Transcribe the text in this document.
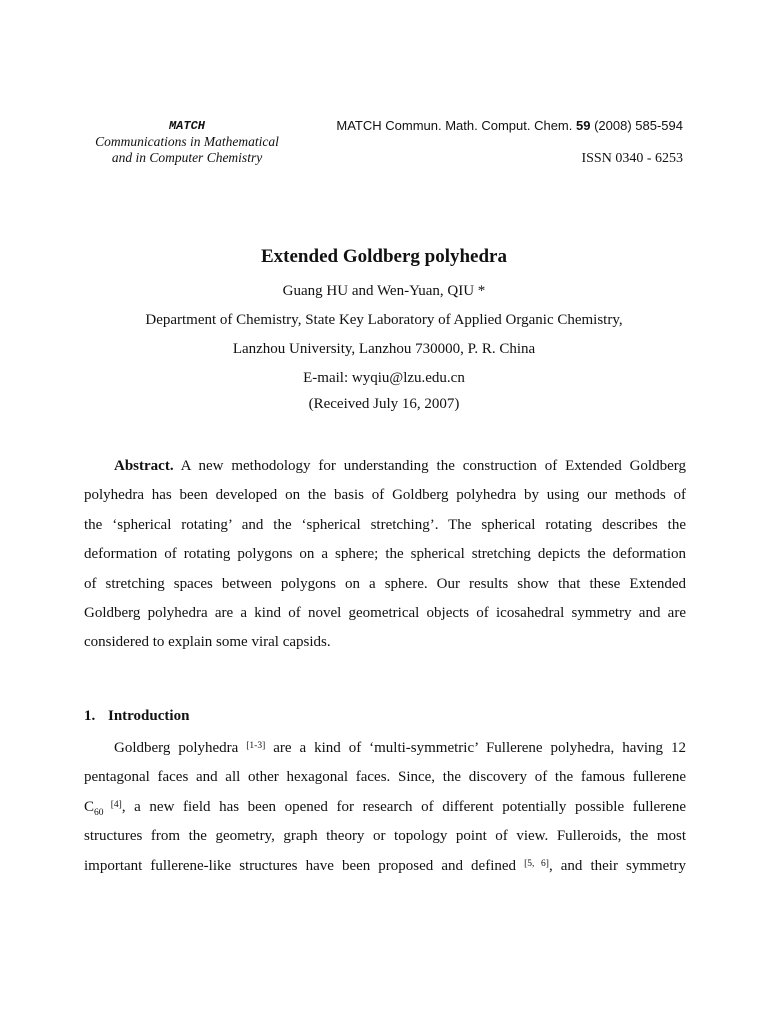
MATCH
Communications in Mathematical
and in Computer Chemistry
MATCH Commun. Math. Comput. Chem. 59 (2008) 585-594
ISSN 0340 - 6253
Extended Goldberg polyhedra
Guang HU and Wen-Yuan, QIU *
Department of Chemistry, State Key Laboratory of Applied Organic Chemistry,
Lanzhou University, Lanzhou 730000, P. R. China
E-mail: wyqiu@lzu.edu.cn
(Received July 16, 2007)
Abstract. A new methodology for understanding the construction of Extended Goldberg
polyhedra has been developed on the basis of Goldberg polyhedra by using our methods of
the ‘spherical rotating’ and the ‘spherical stretching’. The spherical rotating describes the
deformation of rotating polygons on a sphere; the spherical stretching depicts the deformation
of stretching spaces between polygons on a sphere. Our results show that these Extended
Goldberg polyhedra are a kind of novel geometrical objects of icosahedral symmetry and are
considered to explain some viral capsids.
1. Introduction
Goldberg polyhedra [1-3] are a kind of ‘multi-symmetric’ Fullerene polyhedra, having 12
pentagonal faces and all other hexagonal faces. Since, the discovery of the famous fullerene
$C_{60}$ [4], a new field has been opened for research of different potentially possible fullerene
structures from the geometry, graph theory or topology point of view. Fulleroids, the most
important fullerene-like structures have been proposed and defined [5, 6], and their symmetry
